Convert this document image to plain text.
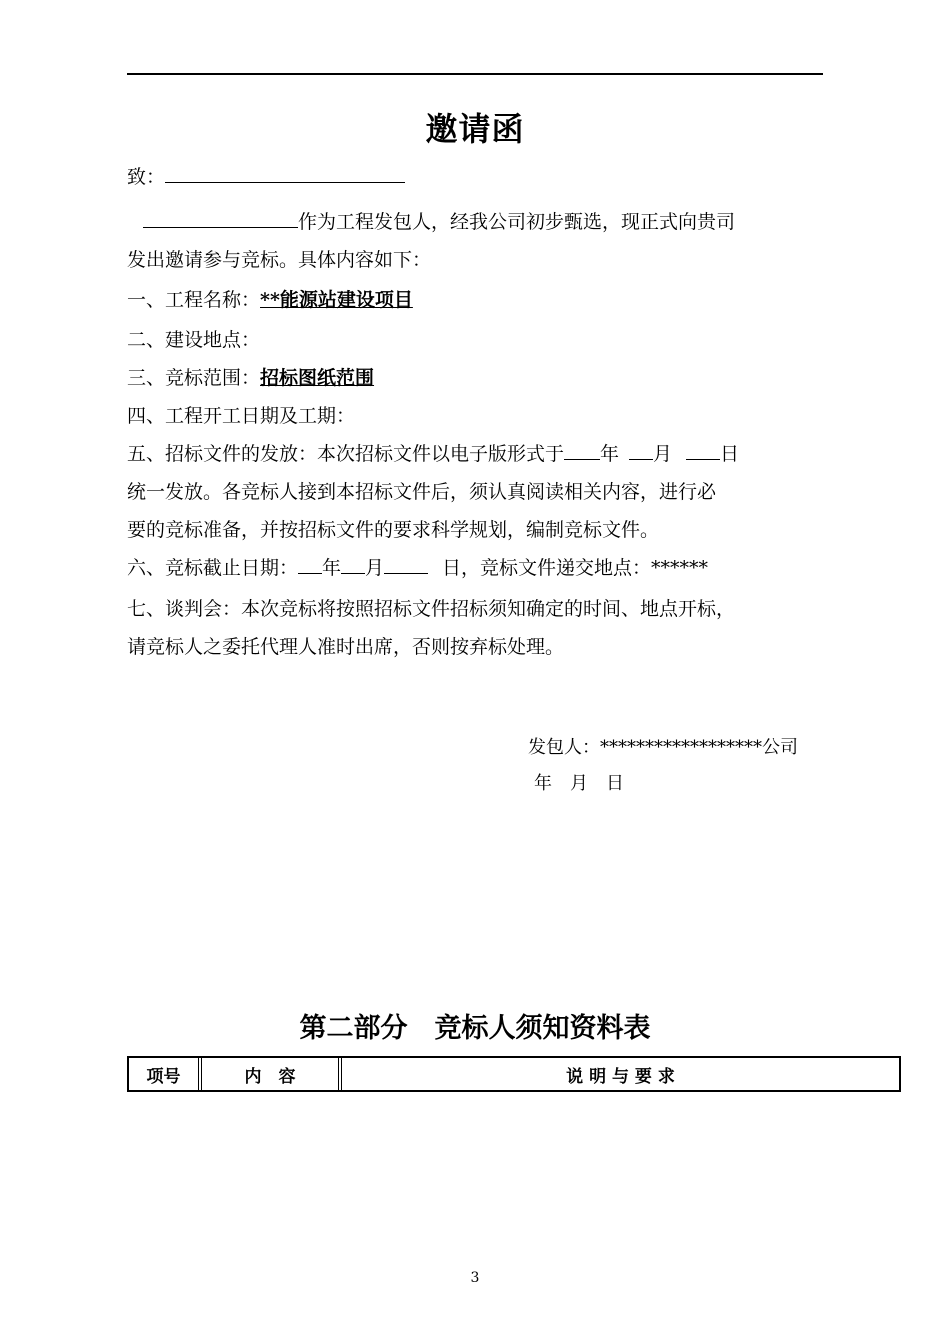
邀请函
致：
作为工程发包人，经我公司初步甄选，现正式向贵司
发出邀请参与竞标。具体内容如下：
一、工程名称：**能源站建设项目
二、建设地点：
三、竞标范围：招标图纸范围
四、工程开工日期及工期：
五、招标文件的发放：本次招标文件以电子版形式于 年 月	日
统一发放。各竞标人接到本招标文件后，须认真阅读相关内容，进行必
要的竞标准备，并按招标文件的要求科学规划，编制竞标文件。
六、竞标截止日期： 年 月	日，竞标文件递交地点：******
七、谈判会：本次竞标将按照招标文件招标须知确定的时间、地点开标，
请竞标人之委托代理人准时出席，否则按弃标处理。
发包人：******************公司
年　月　日
第二部分　竞标人须知资料表
项号	内　容	说 明 与 要 求
3
